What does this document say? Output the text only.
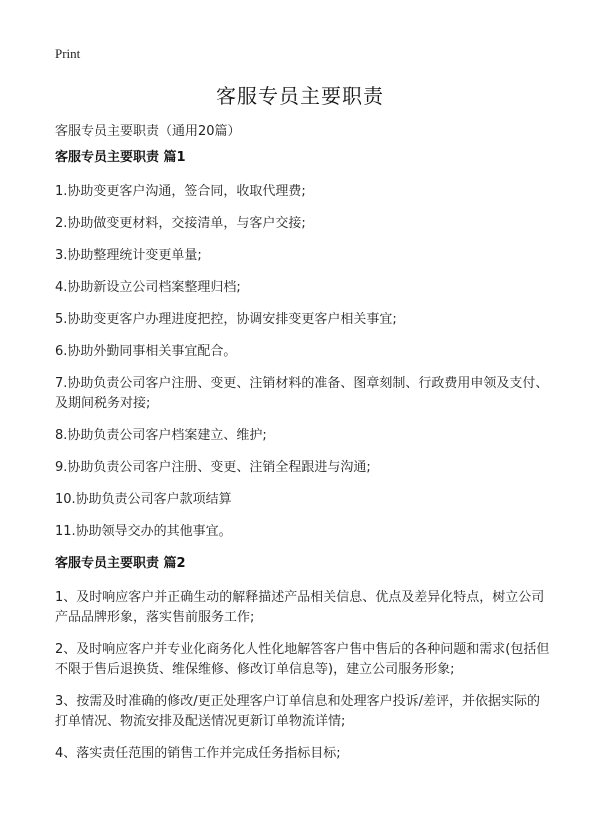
Print
客服专员主要职责
客服专员主要职责（通用20篇）
客服专员主要职责 篇1
1.协助变更客户沟通，签合同，收取代理费;
2.协助做变更材料，交接清单，与客户交接;
3.协助整理统计变更单量;
4.协助新设立公司档案整理归档;
5.协助变更客户办理进度把控，协调安排变更客户相关事宜;
6.协助外勤同事相关事宜配合。
7.协助负责公司客户注册、变更、注销材料的准备、图章刻制、行政费用申领及支付、及期间税务对接;
8.协助负责公司客户档案建立、维护;
9.协助负责公司客户注册、变更、注销全程跟进与沟通;
10.协助负责公司客户款项结算
11.协助领导交办的其他事宜。
客服专员主要职责 篇2
1、及时响应客户并正确生动的解释描述产品相关信息、优点及差异化特点，树立公司产品品牌形象，落实售前服务工作;
2、及时响应客户并专业化商务化人性化地解答客户售中售后的各种问题和需求(包括但不限于售后退换货、维保维修、修改订单信息等)，建立公司服务形象;
3、按需及时准确的修改/更正处理客户订单信息和处理客户投诉/差评，并依据实际的打单情况、物流安排及配送情况更新订单物流详情;
4、落实责任范围的销售工作并完成任务指标目标;
